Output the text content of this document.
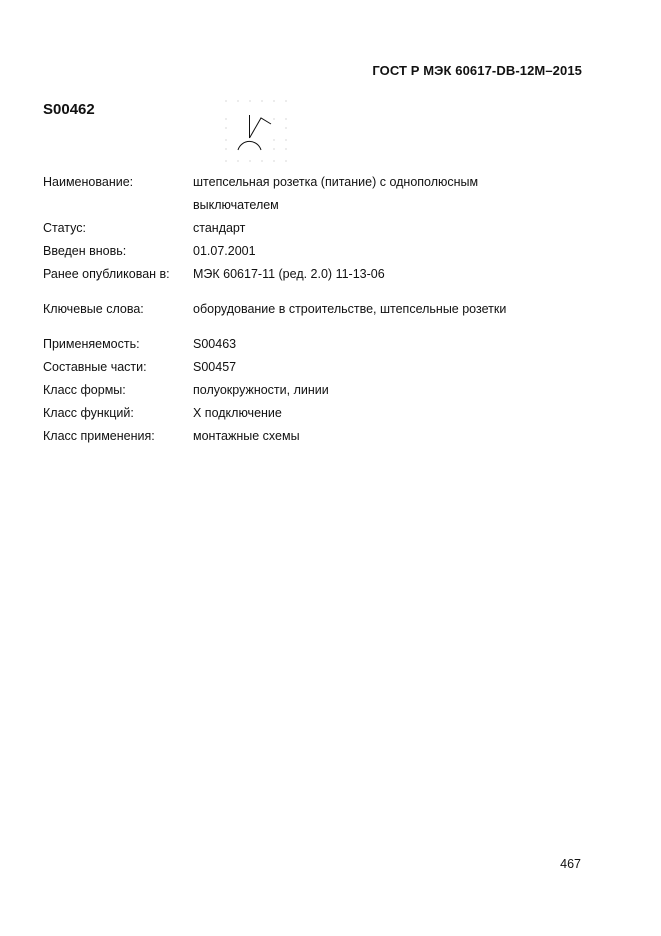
ГОСТ Р МЭК 60617-DB-12M–2015
S00462
Наименование:	штепсельная розетка (питание) с однополюсным
выключателем
Статус:	стандарт
Введен вновь:	01.07.2001
Ранее опубликован в:	МЭК 60617-11 (ред. 2.0) 11-13-06
Ключевые слова:	оборудование в строительстве, штепсельные розетки
Применяемость:	S00463
Составные части:	S00457
Класс формы:	полуокружности, линии
Класс функций:	Х подключение
Класс применения:	монтажные схемы
467
